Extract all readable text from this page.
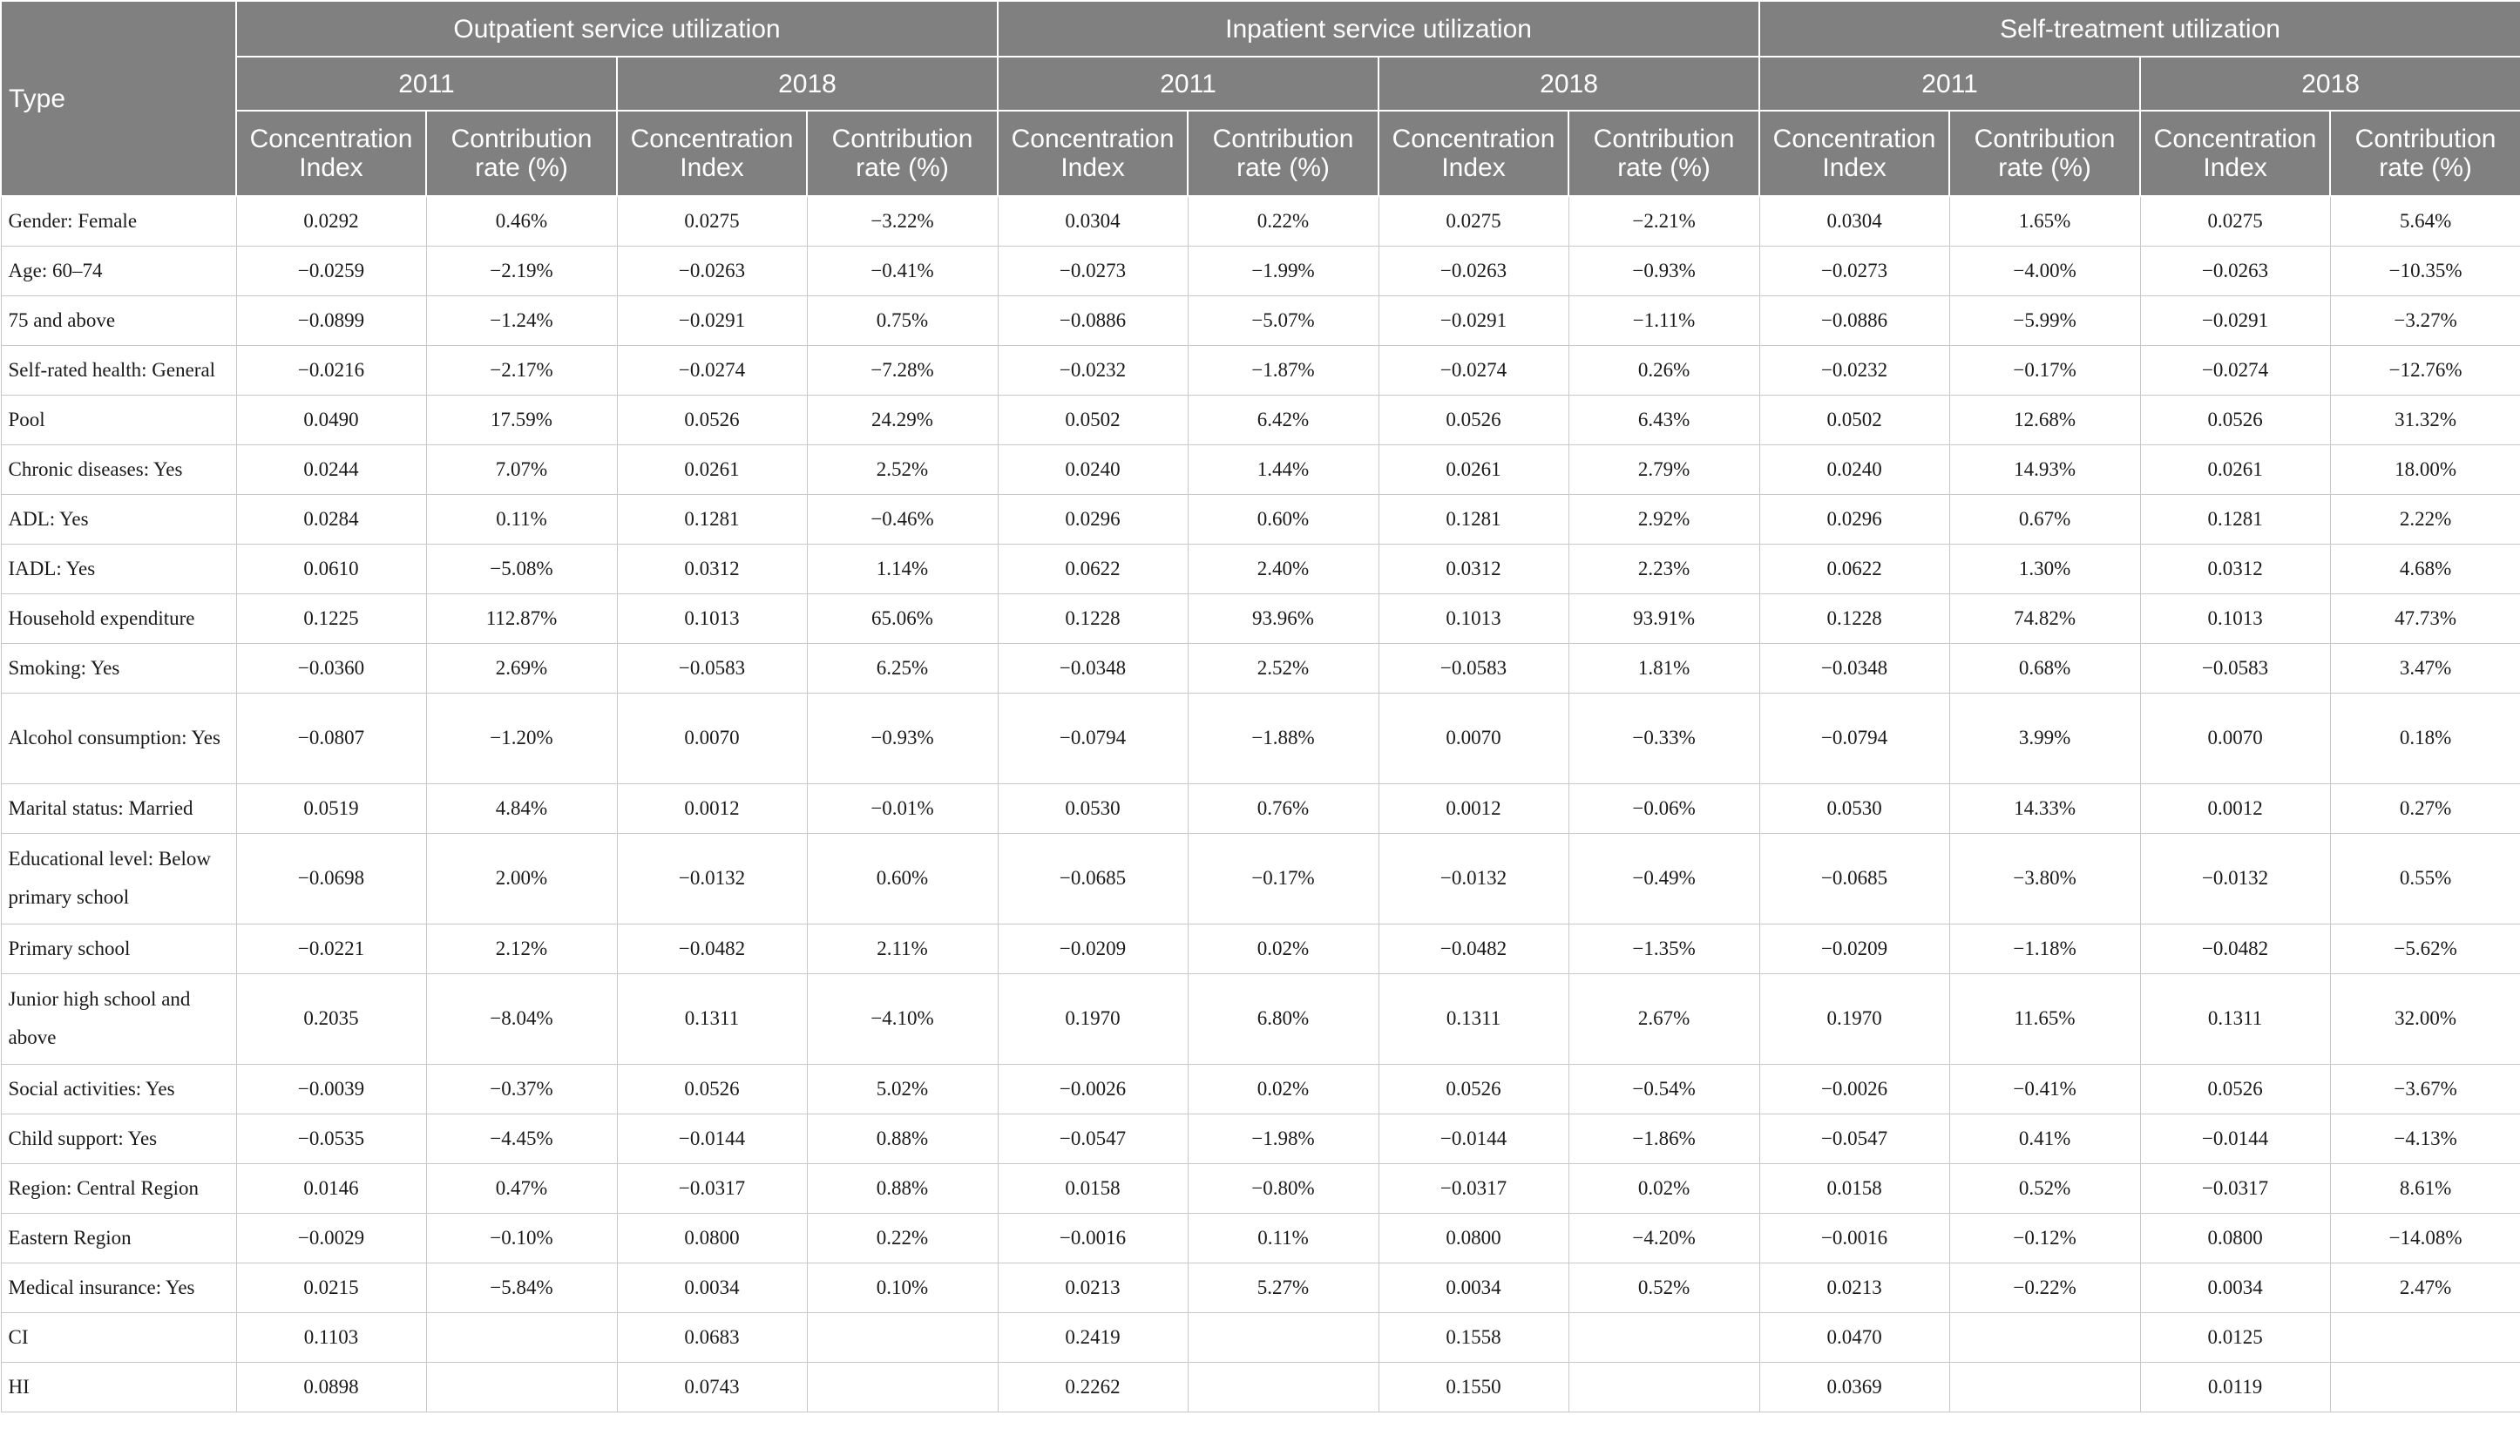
Type	Outpatient service utilization				Inpatient service utilization				Self-treatment utilization			
	2011		2018		2011		2018		2011		2018	
	Concentration Index	Contribution rate (%)	Concentration Index	Contribution rate (%)	Concentration Index	Contribution rate (%)	Concentration Index	Contribution rate (%)	Concentration Index	Contribution rate (%)	Concentration Index	Contribution rate (%)
Gender: Female	0.0292	0.46%	0.0275	−3.22%	0.0304	0.22%	0.0275	−2.21%	0.0304	1.65%	0.0275	5.64%
Age: 60–74	−0.0259	−2.19%	−0.0263	−0.41%	−0.0273	−1.99%	−0.0263	−0.93%	−0.0273	−4.00%	−0.0263	−10.35%
75 and above	−0.0899	−1.24%	−0.0291	0.75%	−0.0886	−5.07%	−0.0291	−1.11%	−0.0886	−5.99%	−0.0291	−3.27%
Self-rated health: General	−0.0216	−2.17%	−0.0274	−7.28%	−0.0232	−1.87%	−0.0274	0.26%	−0.0232	−0.17%	−0.0274	−12.76%
Pool	0.0490	17.59%	0.0526	24.29%	0.0502	6.42%	0.0526	6.43%	0.0502	12.68%	0.0526	31.32%
Chronic diseases: Yes	0.0244	7.07%	0.0261	2.52%	0.0240	1.44%	0.0261	2.79%	0.0240	14.93%	0.0261	18.00%
ADL: Yes	0.0284	0.11%	0.1281	−0.46%	0.0296	0.60%	0.1281	2.92%	0.0296	0.67%	0.1281	2.22%
IADL: Yes	0.0610	−5.08%	0.0312	1.14%	0.0622	2.40%	0.0312	2.23%	0.0622	1.30%	0.0312	4.68%
Household expenditure	0.1225	112.87%	0.1013	65.06%	0.1228	93.96%	0.1013	93.91%	0.1228	74.82%	0.1013	47.73%
Smoking: Yes	−0.0360	2.69%	−0.0583	6.25%	−0.0348	2.52%	−0.0583	1.81%	−0.0348	0.68%	−0.0583	3.47%
Alcohol consumption: Yes	−0.0807	−1.20%	0.0070	−0.93%	−0.0794	−1.88%	0.0070	−0.33%	−0.0794	3.99%	0.0070	0.18%
Marital status: Married	0.0519	4.84%	0.0012	−0.01%	0.0530	0.76%	0.0012	−0.06%	0.0530	14.33%	0.0012	0.27%
Educational level: Below primary school	−0.0698	2.00%	−0.0132	0.60%	−0.0685	−0.17%	−0.0132	−0.49%	−0.0685	−3.80%	−0.0132	0.55%
Primary school	−0.0221	2.12%	−0.0482	2.11%	−0.0209	0.02%	−0.0482	−1.35%	−0.0209	−1.18%	−0.0482	−5.62%
Junior high school and above	0.2035	−8.04%	0.1311	−4.10%	0.1970	6.80%	0.1311	2.67%	0.1970	11.65%	0.1311	32.00%
Social activities: Yes	−0.0039	−0.37%	0.0526	5.02%	−0.0026	0.02%	0.0526	−0.54%	−0.0026	−0.41%	0.0526	−3.67%
Child support: Yes	−0.0535	−4.45%	−0.0144	0.88%	−0.0547	−1.98%	−0.0144	−1.86%	−0.0547	0.41%	−0.0144	−4.13%
Region: Central Region	0.0146	0.47%	−0.0317	0.88%	0.0158	−0.80%	−0.0317	0.02%	0.0158	0.52%	−0.0317	8.61%
Eastern Region	−0.0029	−0.10%	0.0800	0.22%	−0.0016	0.11%	0.0800	−4.20%	−0.0016	−0.12%	0.0800	−14.08%
Medical insurance: Yes	0.0215	−5.84%	0.0034	0.10%	0.0213	5.27%	0.0034	0.52%	0.0213	−0.22%	0.0034	2.47%
CI	0.1103		0.0683		0.2419		0.1558		0.0470		0.0125	
HI	0.0898		0.0743		0.2262		0.1550		0.0369		0.0119	
